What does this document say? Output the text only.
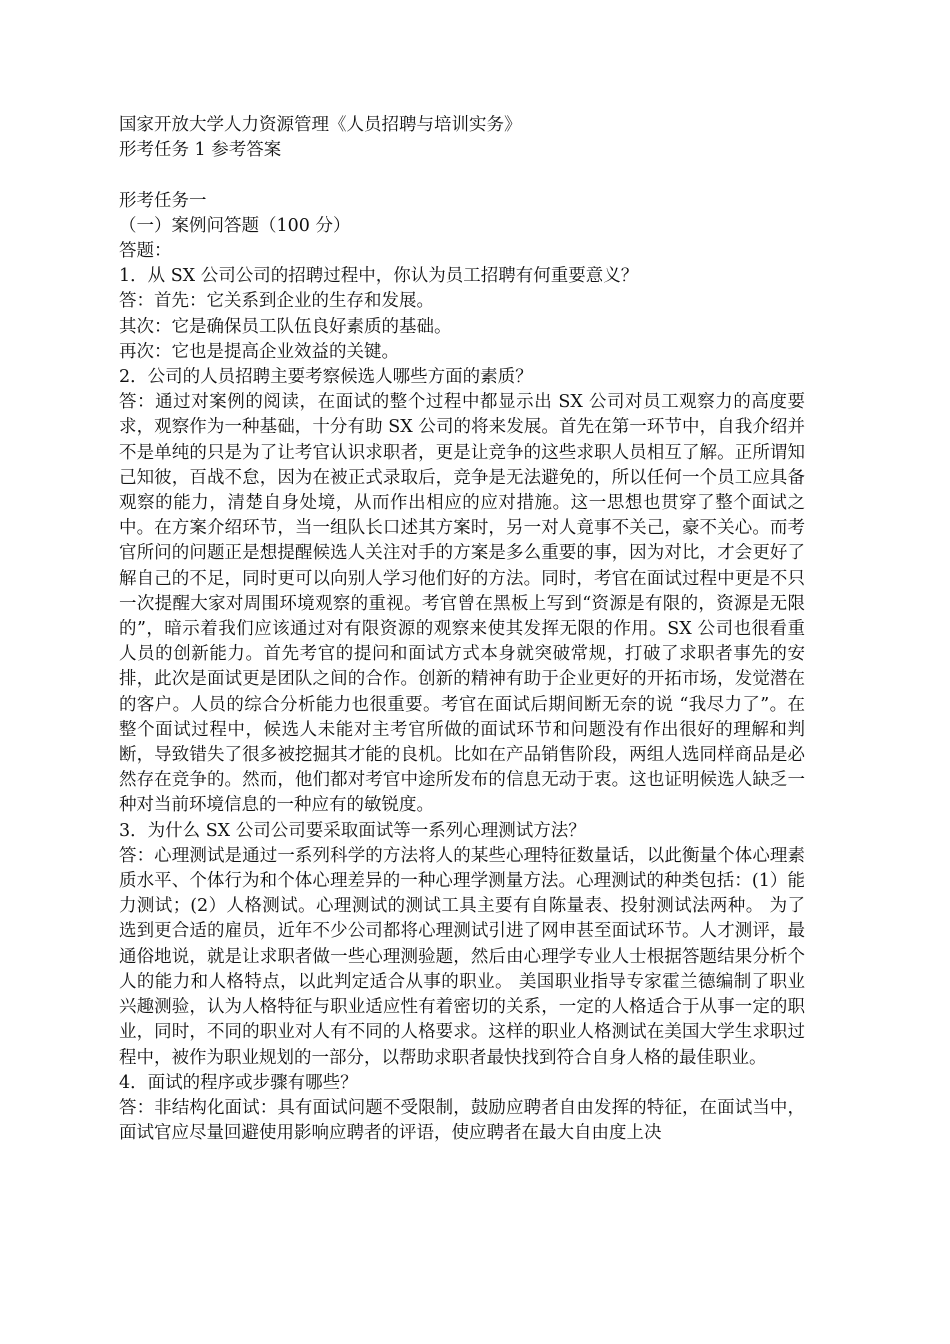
国家开放大学人力资源管理《人员招聘与培训实务》

形考任务 1 参考答案

形考任务一

（一）案例问答题（100 分）

答题：

1．从 SX 公司公司的招聘过程中，你认为员工招聘有何重要意义？

答：首先：它关系到企业的生存和发展。

其次：它是确保员工队伍良好素质的基础。

再次：它也是提高企业效益的关键。

2．公司的人员招聘主要考察候选人哪些方面的素质？

答：通过对案例的阅读，在面试的整个过程中都显示出 SX 公司对员工观察力的高度要求，观察作为一种基础，十分有助 SX 公司的将来发展。首先在第一环节中，自我介绍并不是单纯的只是为了让考官认识求职者，更是让竞争的这些求职人员相互了解。正所谓知己知彼，百战不怠，因为在被正式录取后，竞争是无法避免的，所以任何一个员工应具备观察的能力，清楚自身处境，从而作出相应的应对措施。这一思想也贯穿了整个面试之中。在方案介绍环节，当一组队长口述其方案时，另一对人竟事不关己，豪不关心。而考官所问的问题正是想提醒候选人关注对手的方案是多么重要的事，因为对比，才会更好了解自己的不足，同时更可以向别人学习他们好的方法。同时，考官在面试过程中更是不只一次提醒大家对周围环境观察的重视。考官曾在黑板上写到“资源是有限的，资源是无限的”，暗示着我们应该通过对有限资源的观察来使其发挥无限的作用。SX 公司也很看重人员的创新能力。首先考官的提问和面试方式本身就突破常规，打破了求职者事先的安排，此次是面试更是团队之间的合作。创新的精神有助于企业更好的开拓市场，发觉潜在的客户。人员的综合分析能力也很重要。考官在面试后期间断无奈的说 “我尽力了”。在整个面试过程中，候选人未能对主考官所做的面试环节和问题没有作出很好的理解和判断，导致错失了很多被挖掘其才能的良机。比如在产品销售阶段，两组人选同样商品是必然存在竞争的。然而，他们都对考官中途所发布的信息无动于衷。这也证明候选人缺乏一种对当前环境信息的一种应有的敏锐度。

3．为什么 SX 公司公司要采取面试等一系列心理测试方法？

答：心理测试是通过一系列科学的方法将人的某些心理特征数量话，以此衡量个体心理素质水平、个体行为和个体心理差异的一种心理学测量方法。心理测试的种类包括：(1）能力测试；(2）人格测试。心理测试的测试工具主要有自陈量表、投射测试法两种。 为了选到更合适的雇员，近年不少公司都将心理测试引进了网申甚至面试环节。人才测评，最通俗地说，就是让求职者做一些心理测验题，然后由心理学专业人士根据答题结果分析个人的能力和人格特点，以此判定适合从事的职业。 美国职业指导专家霍兰德编制了职业兴趣测验，认为人格特征与职业适应性有着密切的关系，一定的人格适合于从事一定的职业，同时，不同的职业对人有不同的人格要求。这样的职业人格测试在美国大学生求职过程中，被作为职业规划的一部分，以帮助求职者最快找到符合自身人格的最佳职业。

4．面试的程序或步骤有哪些？

答：非结构化面试：具有面试问题不受限制，鼓励应聘者自由发挥的特征，在面试当中，面试官应尽量回避使用影响应聘者的评语，使应聘者在最大自由度上决
